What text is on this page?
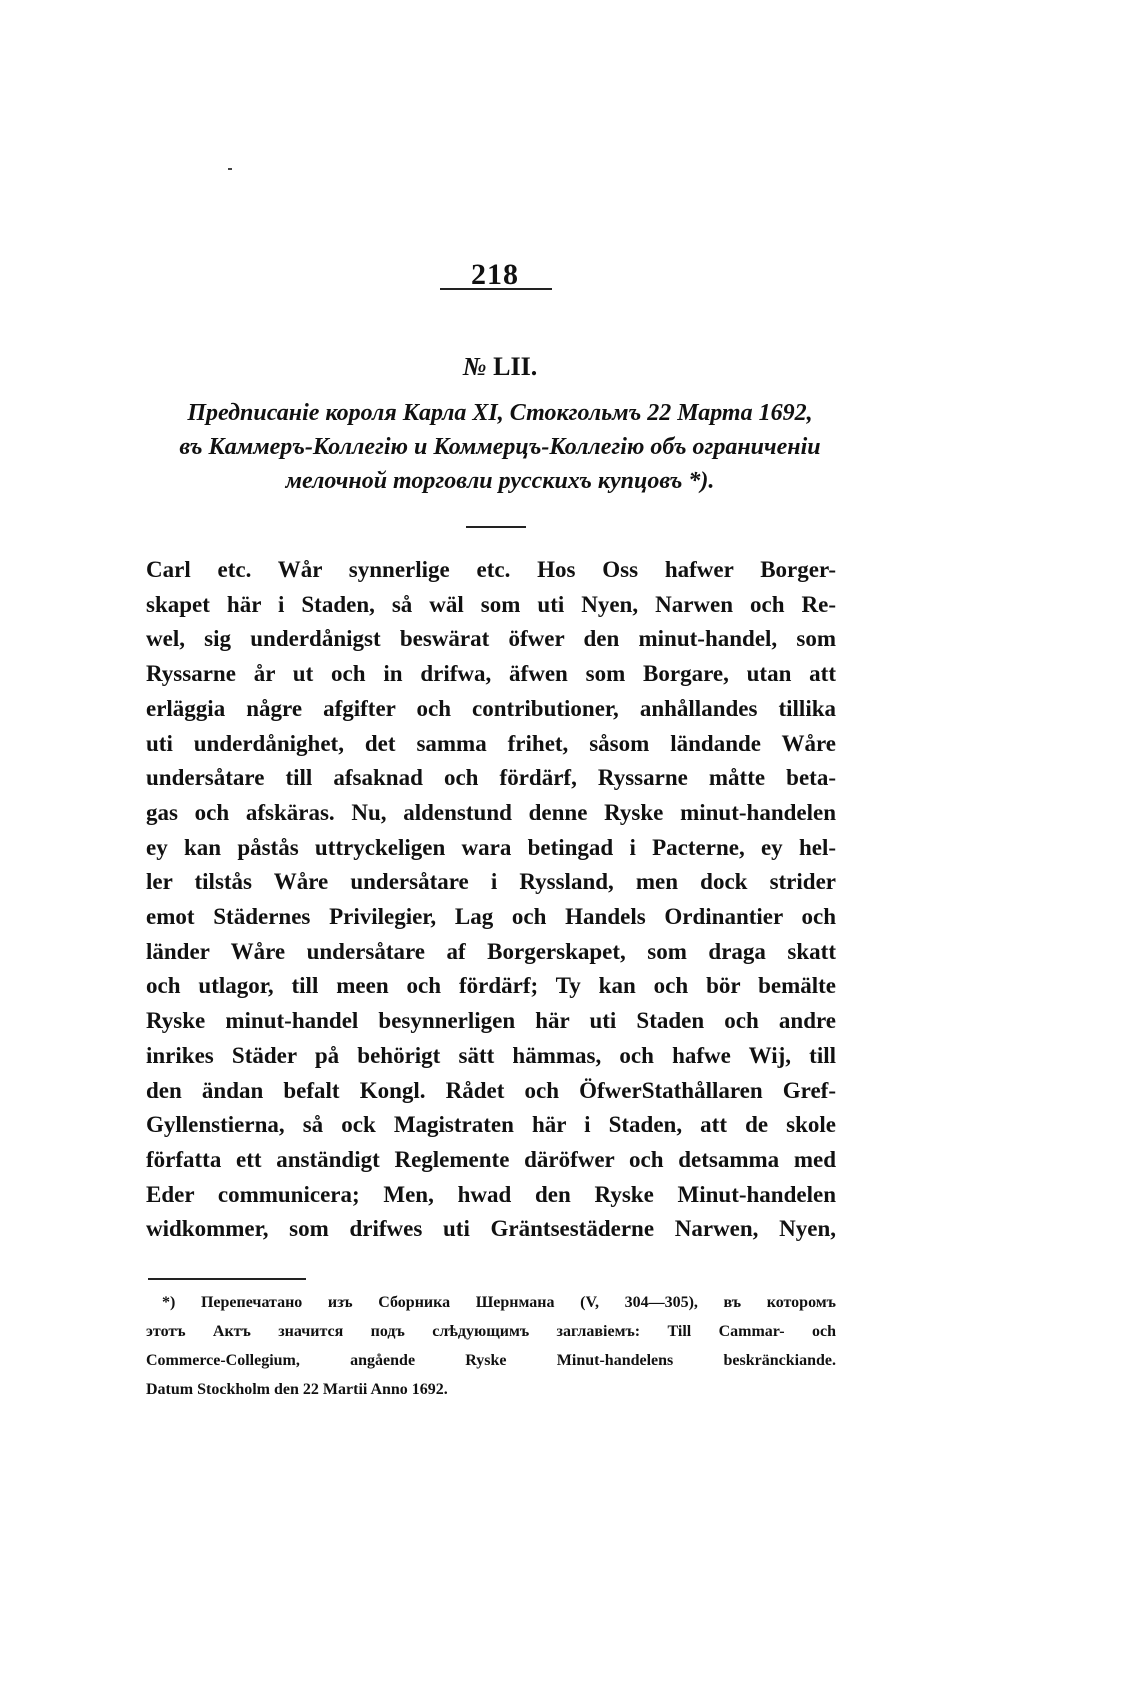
218
№ LII.
Предписаніе короля Карла XI, Стокгольмъ 22 Марта 1692,
въ Каммеръ-Коллегію и Коммерцъ-Коллегію объ ограниченіи
мелочной торговли русскихъ купцовъ *).
Carl etc. Wår synnerlige etc. Hos Oss hafwer Borger-
skapet här i Staden, så wäl som uti Nyen, Narwen och Re-
wel, sig underdånigst beswärat öfwer den minut-handel, som
Ryssarne år ut och in drifwa, äfwen som Borgare, utan att
erläggia någre afgifter och contributioner, anhållandes tillika
uti underdånighet, det samma frihet, såsom ländande Wåre
undersåtare till afsaknad och fördärf, Ryssarne måtte beta-
gas och afskäras. Nu, aldenstund denne Ryske minut-handelen
ey kan påstås uttryckeligen wara betingad i Pacterne, ey hel-
ler tilstås Wåre undersåtare i Ryssland, men dock strider
emot Städernes Privilegier, Lag och Handels Ordinantier och
länder Wåre undersåtare af Borgerskapet, som draga skatt
och utlagor, till meen och fördärf; Ty kan och bör bemälte
Ryske minut-handel besynnerligen här uti Staden och andre
inrikes Städer på behörigt sätt hämmas, och hafwe Wij, till
den ändan befalt Kongl. Rådet och ÖfwerStathållaren Gref-
Gyllenstierna, så ock Magistraten här i Staden, att de skole
författa ett anständigt Reglemente däröfwer och detsamma med
Eder communicera; Men, hwad den Ryske Minut-handelen
widkommer, som drifwes uti Gräntsestäderne Narwen, Nyen,
*) Перепечатано изъ Сборника Шернмана (V, 304—305), въ которомъ
этотъ Актъ значится подъ слѣдующимъ заглавіемъ: Till Cammar- och
Commerce-Collegium, angående Ryske Minut-handelens beskränckiande.
Datum Stockholm den 22 Martii Anno 1692.
